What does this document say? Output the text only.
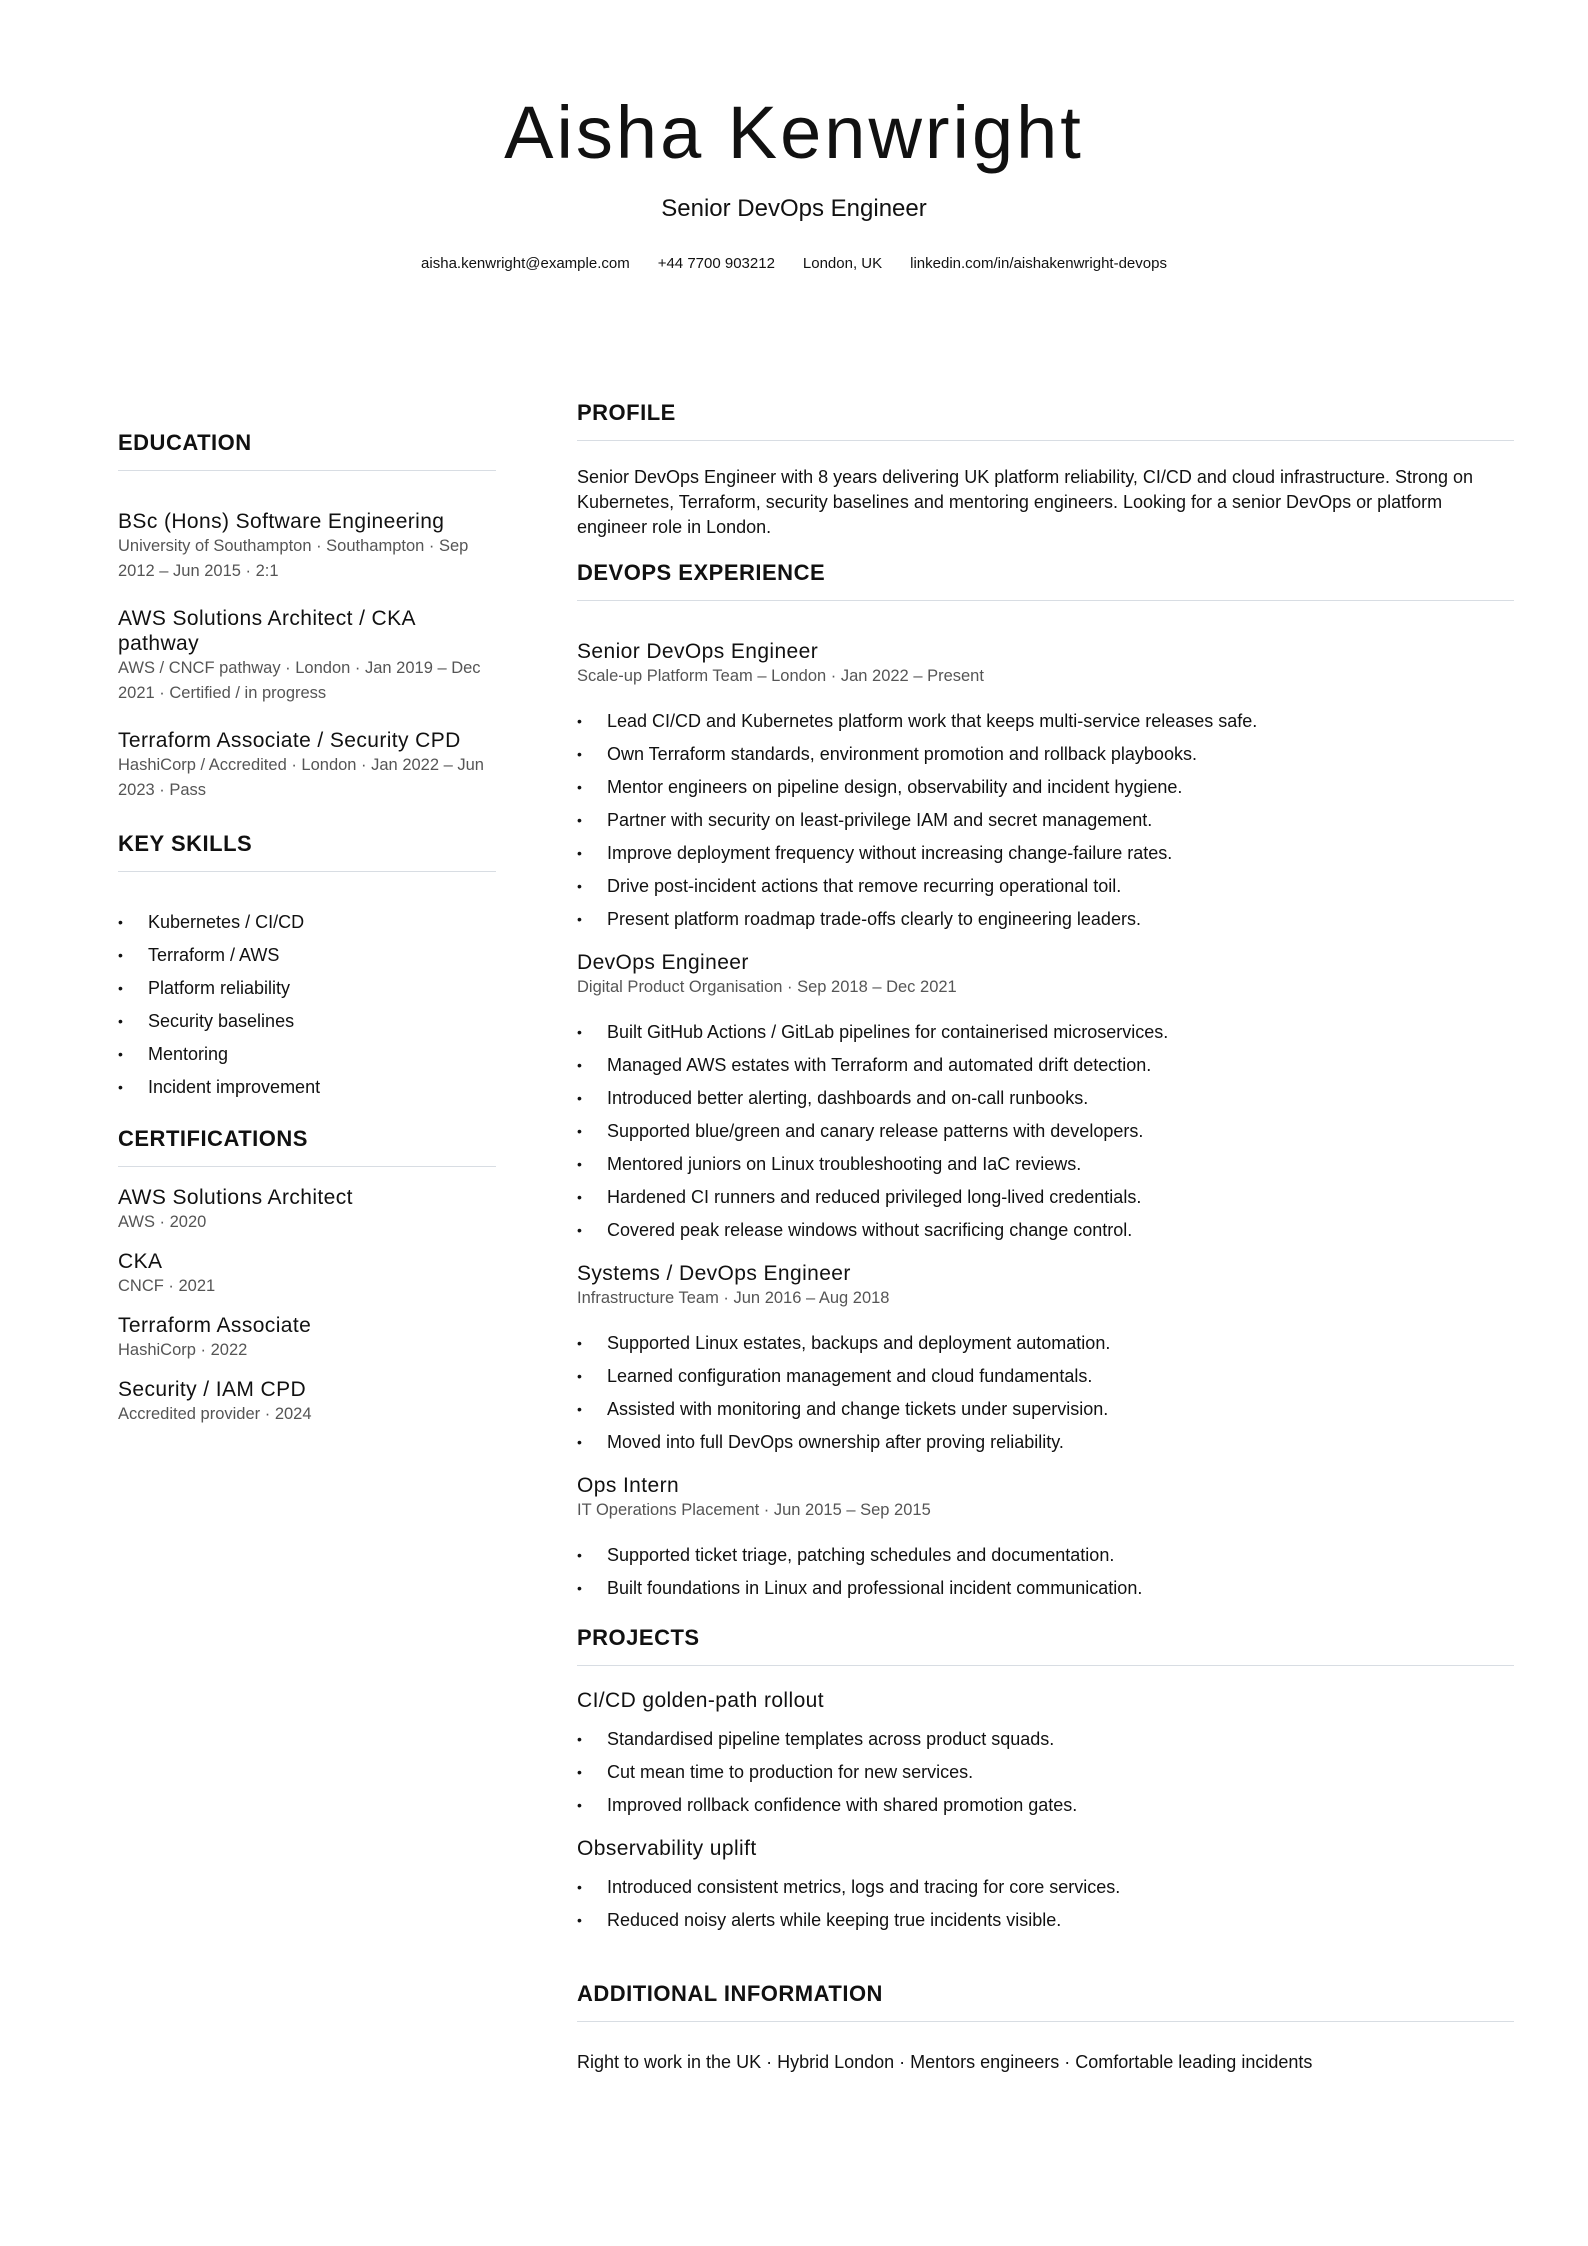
Aisha Kenwright
Senior DevOps Engineer
aisha.kenwright@example.com +44 7700 903212 London, UK linkedin.com/in/aishakenwright-devops
EDUCATION
BSc (Hons) Software Engineering
University of Southampton · Southampton · Sep 2012 – Jun 2015 · 2:1
AWS Solutions Architect / CKA pathway
AWS / CNCF pathway · London · Jan 2019 – Dec 2021 · Certified / in progress
Terraform Associate / Security CPD
HashiCorp / Accredited · London · Jan 2022 – Jun 2023 · Pass
KEY SKILLS
• Kubernetes / CI/CD
• Terraform / AWS
• Platform reliability
• Security baselines
• Mentoring
• Incident improvement
CERTIFICATIONS
AWS Solutions Architect
AWS · 2020
CKA
CNCF · 2021
Terraform Associate
HashiCorp · 2022
Security / IAM CPD
Accredited provider · 2024
PROFILE
Senior DevOps Engineer with 8 years delivering UK platform reliability, CI/CD and cloud infrastructure. Strong on Kubernetes, Terraform, security baselines and mentoring engineers. Looking for a senior DevOps or platform engineer role in London.
DEVOPS EXPERIENCE
Senior DevOps Engineer
Scale-up Platform Team – London · Jan 2022 – Present
• Lead CI/CD and Kubernetes platform work that keeps multi-service releases safe.
• Own Terraform standards, environment promotion and rollback playbooks.
• Mentor engineers on pipeline design, observability and incident hygiene.
• Partner with security on least-privilege IAM and secret management.
• Improve deployment frequency without increasing change-failure rates.
• Drive post-incident actions that remove recurring operational toil.
• Present platform roadmap trade-offs clearly to engineering leaders.
DevOps Engineer
Digital Product Organisation · Sep 2018 – Dec 2021
• Built GitHub Actions / GitLab pipelines for containerised microservices.
• Managed AWS estates with Terraform and automated drift detection.
• Introduced better alerting, dashboards and on-call runbooks.
• Supported blue/green and canary release patterns with developers.
• Mentored juniors on Linux troubleshooting and IaC reviews.
• Hardened CI runners and reduced privileged long-lived credentials.
• Covered peak release windows without sacrificing change control.
Systems / DevOps Engineer
Infrastructure Team · Jun 2016 – Aug 2018
• Supported Linux estates, backups and deployment automation.
• Learned configuration management and cloud fundamentals.
• Assisted with monitoring and change tickets under supervision.
• Moved into full DevOps ownership after proving reliability.
Ops Intern
IT Operations Placement · Jun 2015 – Sep 2015
• Supported ticket triage, patching schedules and documentation.
• Built foundations in Linux and professional incident communication.
PROJECTS
CI/CD golden-path rollout
• Standardised pipeline templates across product squads.
• Cut mean time to production for new services.
• Improved rollback confidence with shared promotion gates.
Observability uplift
• Introduced consistent metrics, logs and tracing for core services.
• Reduced noisy alerts while keeping true incidents visible.
ADDITIONAL INFORMATION
Right to work in the UK · Hybrid London · Mentors engineers · Comfortable leading incidents
